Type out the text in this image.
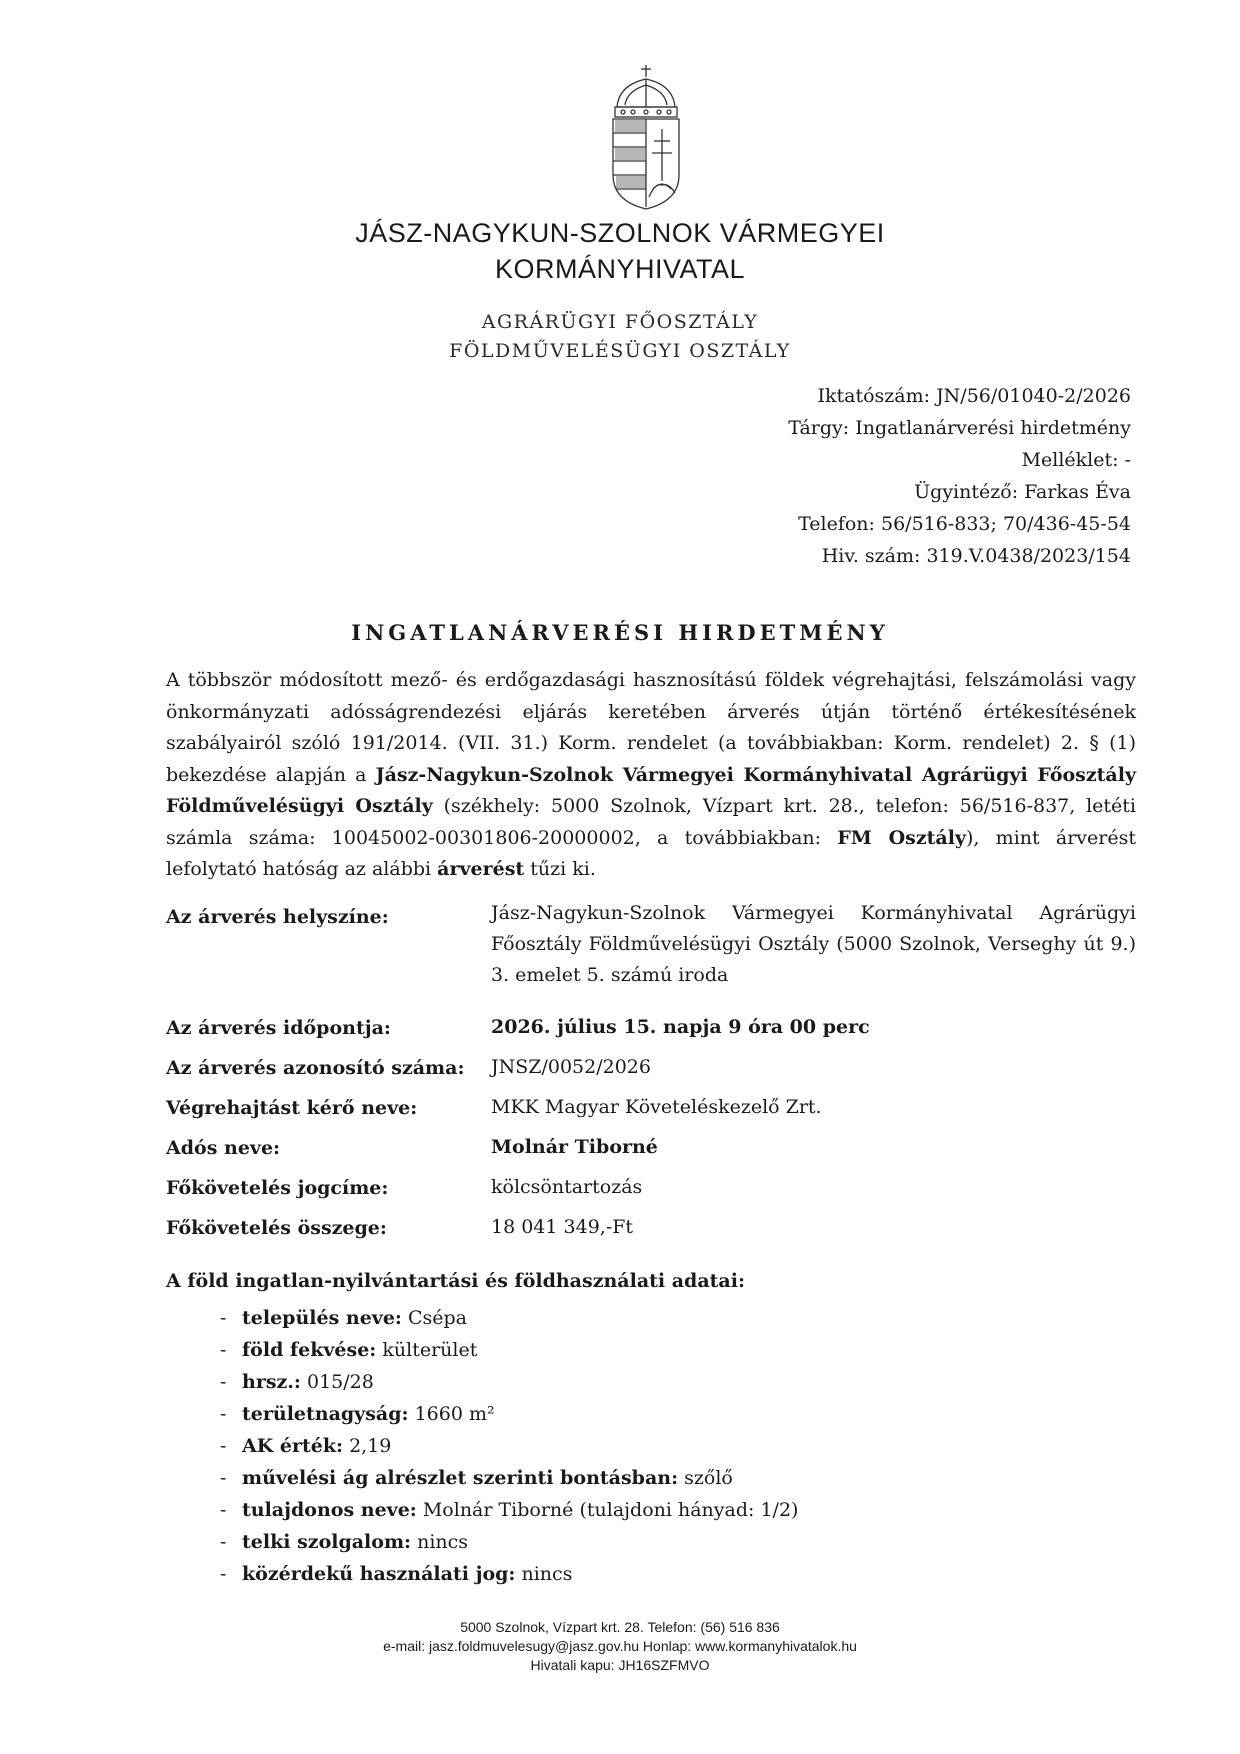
JÁSZ-NAGYKUN-SZOLNOK VÁRMEGYEI
KORMÁNYHIVATAL
AGRÁRÜGYI FŐOSZTÁLY
FÖLDMŰVELÉSÜGYI OSZTÁLY
Iktatószám: JN/56/01040-2/2026
Tárgy: Ingatlanárverési hirdetmény
Melléklet: -
Ügyintéző: Farkas Éva
Telefon: 56/516-833; 70/436-45-54
Hiv. szám: 319.V.0438/2023/154
INGATLANÁRVERÉSI HIRDETMÉNY
A többször módosított mező- és erdőgazdasági hasznosítású földek végrehajtási, felszámolási vagy önkormányzati adósságrendezési eljárás keretében árverés útján történő értékesítésének szabályairól szóló 191/2014. (VII. 31.) Korm. rendelet (a továbbiakban: Korm. rendelet) 2. § (1) bekezdése alapján a Jász-Nagykun-Szolnok Vármegyei Kormányhivatal Agrárügyi Főosztály Földművelésügyi Osztály (székhely: 5000 Szolnok, Vízpart krt. 28., telefon: 56/516-837, letéti számla száma: 10045002-00301806-20000002, a továbbiakban: FM Osztály), mint árverést lefolytató hatóság az alábbi árverést tűzi ki.
Az árverés helyszíne:	Jász-Nagykun-Szolnok Vármegyei Kormányhivatal Agrárügyi Főosztály Földművelésügyi Osztály (5000 Szolnok, Verseghy út 9.) 3. emelet 5. számú iroda
Az árverés időpontja:	2026. július 15. napja 9 óra 00 perc
Az árverés azonosító száma: JNSZ/0052/2026
Végrehajtást kérő neve:	MKK Magyar Követeléskezelő Zrt.
Adós neve:	Molnár Tiborné
Főkövetelés jogcíme:	kölcsöntartozás
Főkövetelés összege:	18 041 349,-Ft
A föld ingatlan-nyilvántartási és földhasználati adatai:
- település neve: Csépa
- föld fekvése: külterület
- hrsz.: 015/28
- területnagyság: 1660 m²
- AK érték: 2,19
- művelési ág alrészlet szerinti bontásban: szőlő
- tulajdonos neve: Molnár Tiborné (tulajdoni hányad: 1/2)
- telki szolgalom: nincs
- közérdekű használati jog: nincs
5000 Szolnok, Vízpart krt. 28. Telefon: (56) 516 836
e-mail: jasz.foldmuvelesugy@jasz.gov.hu Honlap: www.kormanyhivatalok.hu
Hivatali kapu: JH16SZFMVO
